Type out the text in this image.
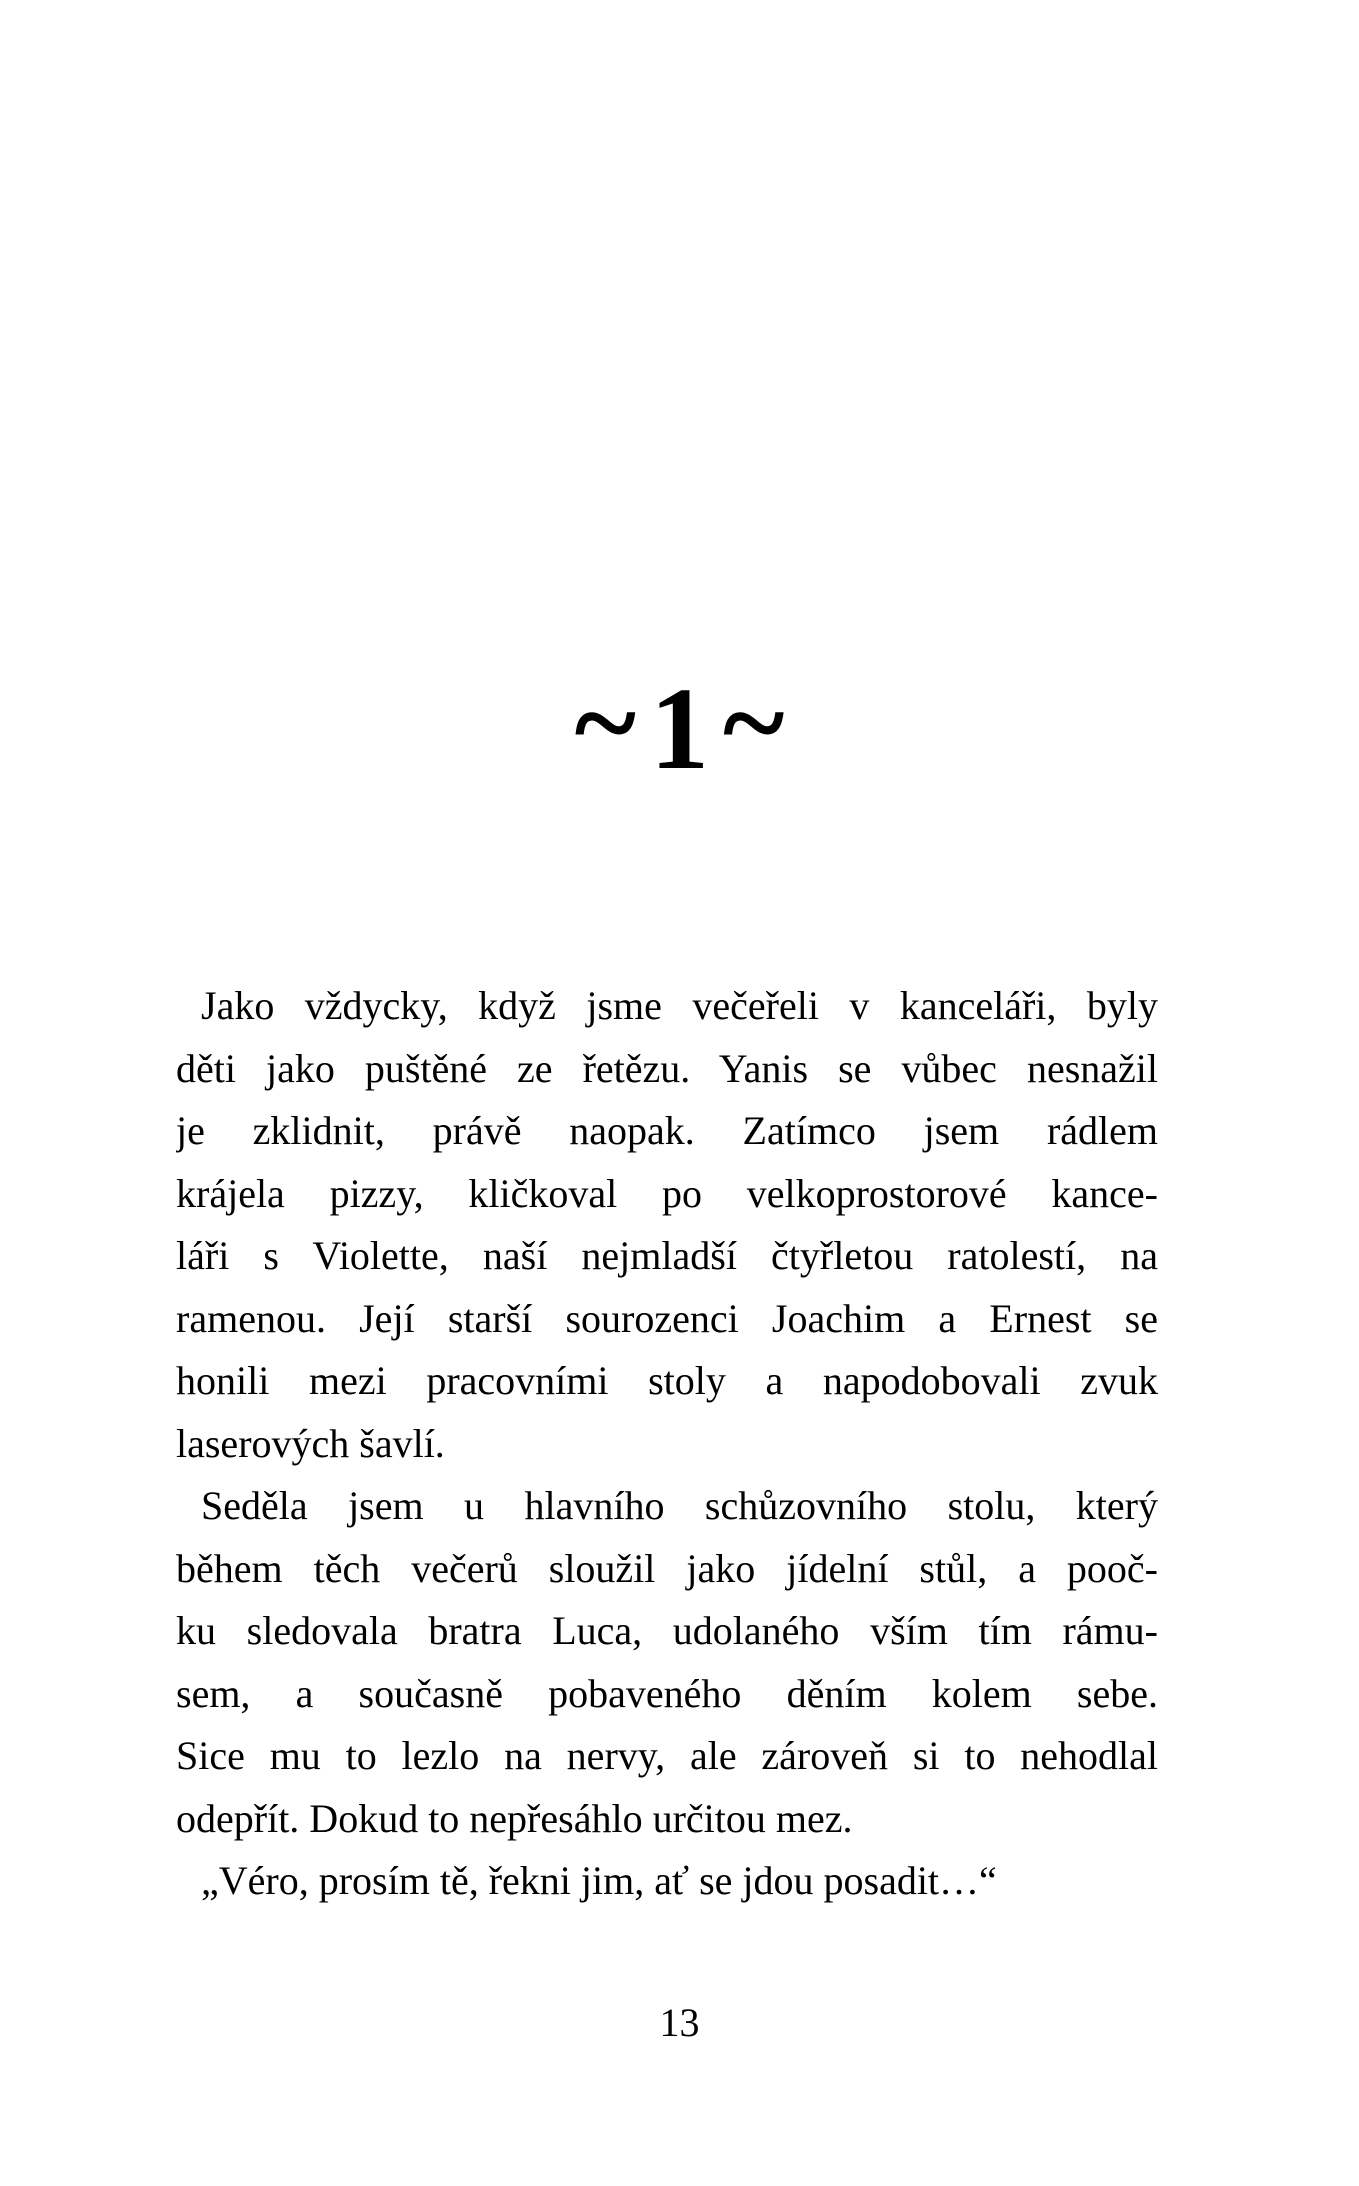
~ 1 ~
Jako vždycky, když jsme večeřeli v kanceláři, byly
děti jako puštěné ze řetězu. Yanis se vůbec nesnažil
je zklidnit, právě naopak. Zatímco jsem rádlem
krájela pizzy, kličkoval po velkoprostorové kance-
láři s Violette, naší nejmladší čtyřletou ratolestí, na
ramenou. Její starší sourozenci Joachim a Ernest se
honili mezi pracovními stoly a napodobovali zvuk
laserových šavlí.
Seděla jsem u hlavního schůzovního stolu, který
během těch večerů sloužil jako jídelní stůl, a pooč-
ku sledovala bratra Luca, udolaného vším tím rámu-
sem, a současně pobaveného děním kolem sebe.
Sice mu to lezlo na nervy, ale zároveň si to nehodlal
odepřít. Dokud to nepřesáhlo určitou mez.
„Véro, prosím tě, řekni jim, ať se jdou posadit…“
13
